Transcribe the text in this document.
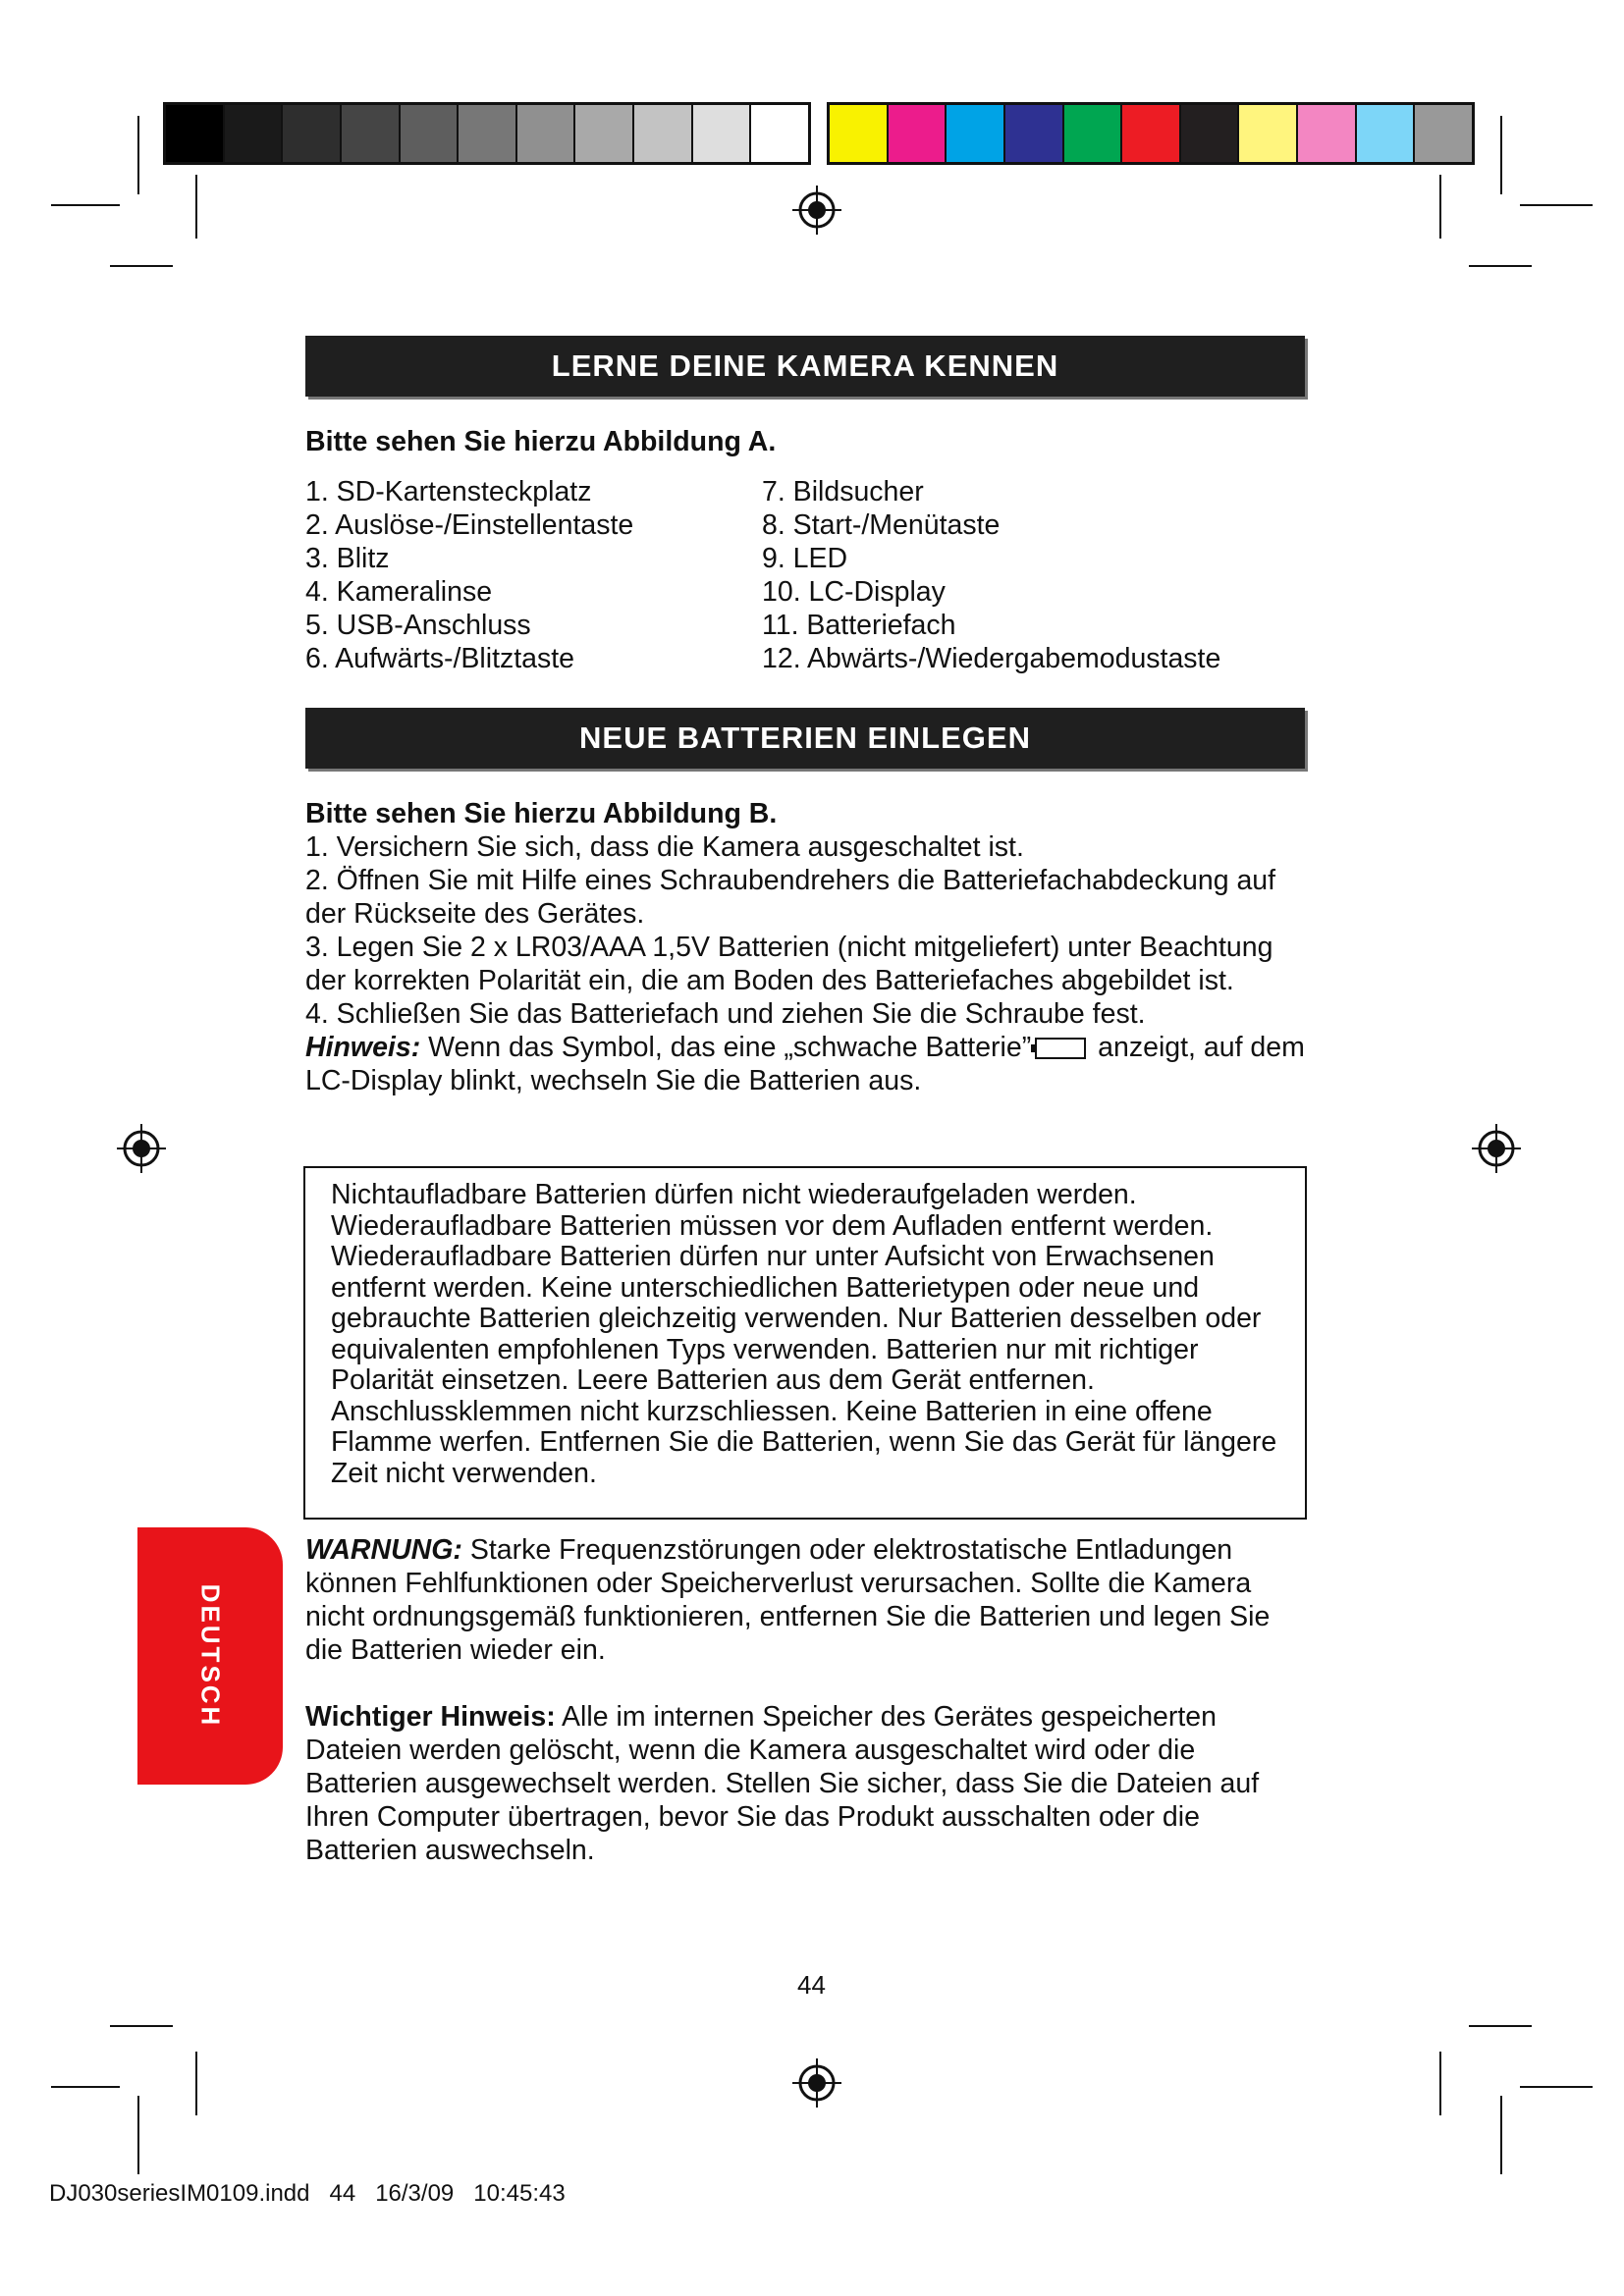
LERNE DEINE KAMERA KENNEN
Bitte sehen Sie hierzu Abbildung A.
1. SD-Kartensteckplatz
2. Auslöse-/Einstellentaste
3. Blitz
4. Kameralinse
5. USB-Anschluss
6. Aufwärts-/Blitztaste
7. Bildsucher
8. Start-/Menütaste
9. LED
10. LC-Display
11. Batteriefach
12. Abwärts-/Wiedergabemodustaste
NEUE BATTERIEN EINLEGEN

Bitte sehen Sie hierzu Abbildung B.

1. Versichern Sie sich, dass die Kamera ausgeschaltet ist.

2. Öffnen Sie mit Hilfe eines Schraubendrehers die Batteriefachabdeckung auf der Rückseite des Gerätes.

3. Legen Sie 2 x LR03/AAA 1,5V Batterien (nicht mitgeliefert) unter Beachtung der korrekten Polarität ein, die am Boden des Batteriefaches abgebildet ist.

4. Schließen Sie das Batteriefach und ziehen Sie die Schraube fest.

Hinweis: Wenn das Symbol, das eine „schwache Batterie” anzeigt, auf dem LC-Display blinkt, wechseln Sie die Batterien aus.

Nichtaufladbare Batterien dürfen nicht wiederaufgeladen werden. Wiederaufladbare Batterien müssen vor dem Aufladen entfernt werden. Wiederaufladbare Batterien dürfen nur unter Aufsicht von Erwachsenen entfernt werden. Keine unterschiedlichen Batterietypen oder neue und gebrauchte Batterien gleichzeitig verwenden. Nur Batterien desselben oder equivalenten empfohlenen Typs verwenden. Batterien nur mit richtiger Polarität einsetzen. Leere Batterien aus dem Gerät entfernen. Anschlussklemmen nicht kurzschliessen. Keine Batterien in eine offene Flamme werfen. Entfernen Sie die Batterien, wenn Sie das Gerät für längere Zeit nicht verwenden.
DEUTSCH

WARNUNG: Starke Frequenzstörungen oder elektrostatische Entladungen können Fehlfunktionen oder Speicherverlust verursachen. Sollte die Kamera nicht ordnungsgemäß funktionieren, entfernen Sie die Batterien und legen Sie die Batterien wieder ein.

Wichtiger Hinweis: Alle im internen Speicher des Gerätes gespeicherten Dateien werden gelöscht, wenn die Kamera ausgeschaltet wird oder die Batterien ausgewechselt werden. Stellen Sie sicher, dass Sie die Dateien auf Ihren Computer übertragen, bevor Sie das Produkt ausschalten oder die Batterien auswechseln.

44
DJ030seriesIM0109.indd   44   16/3/09   10:45:43
